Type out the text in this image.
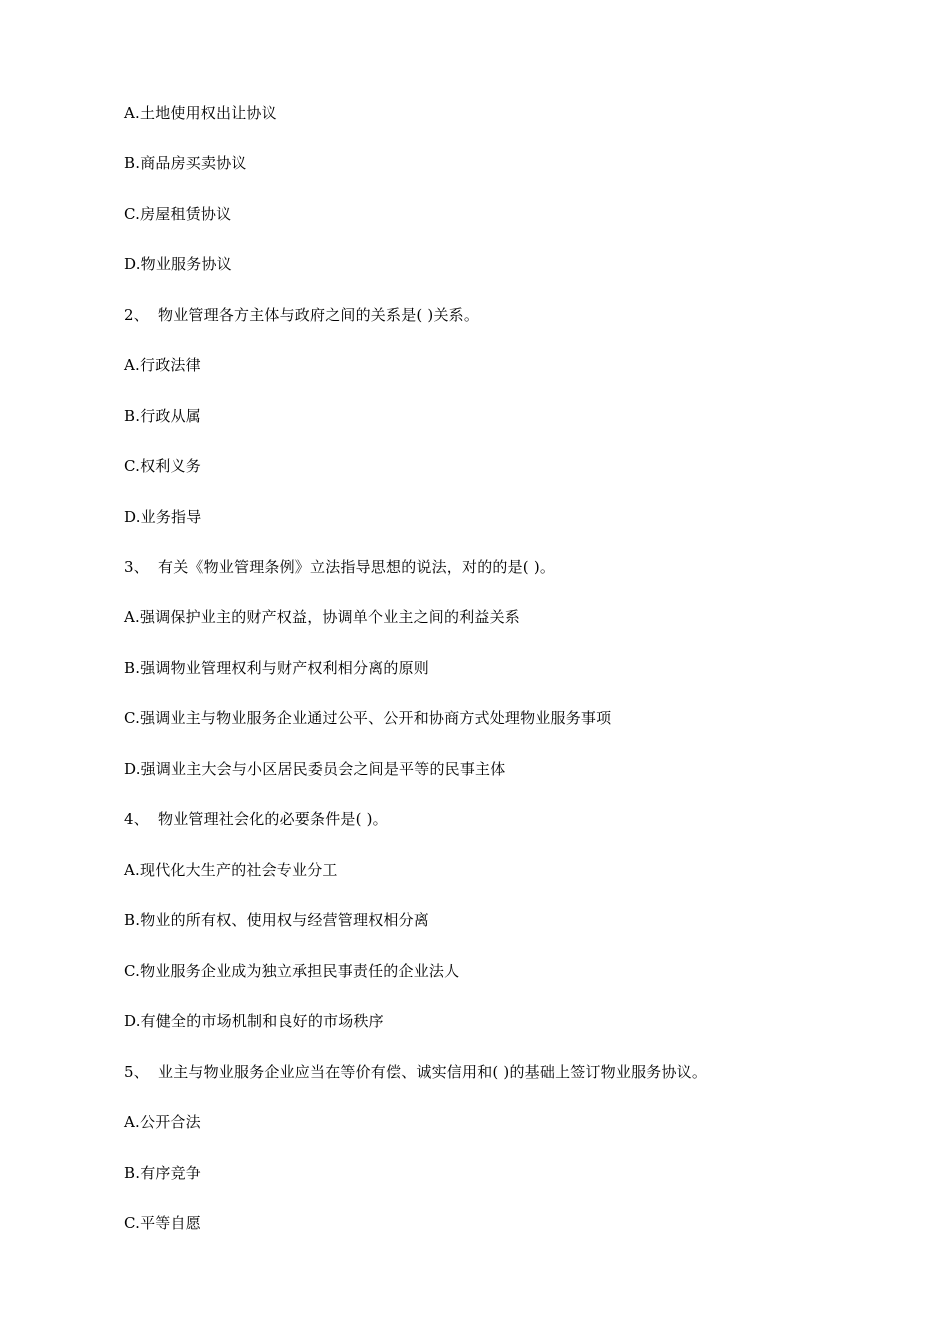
A.土地使用权出让协议
B.商品房买卖协议
C.房屋租赁协议
D.物业服务协议
2、 物业管理各方主体与政府之间的关系是( )关系。
A.行政法律
B.行政从属
C.权利义务
D.业务指导
3、 有关《物业管理条例》立法指导思想的说法，对的的是( )。
A.强调保护业主的财产权益，协调单个业主之间的利益关系
B.强调物业管理权利与财产权利相分离的原则
C.强调业主与物业服务企业通过公平、公开和协商方式处理物业服务事项
D.强调业主大会与小区居民委员会之间是平等的民事主体
4、 物业管理社会化的必要条件是( )。
A.现代化大生产的社会专业分工
B.物业的所有权、使用权与经营管理权相分离
C.物业服务企业成为独立承担民事责任的企业法人
D.有健全的市场机制和良好的市场秩序
5、 业主与物业服务企业应当在等价有偿、诚实信用和( )的基础上签订物业服务协议。
A.公开合法
B.有序竞争
C.平等自愿
